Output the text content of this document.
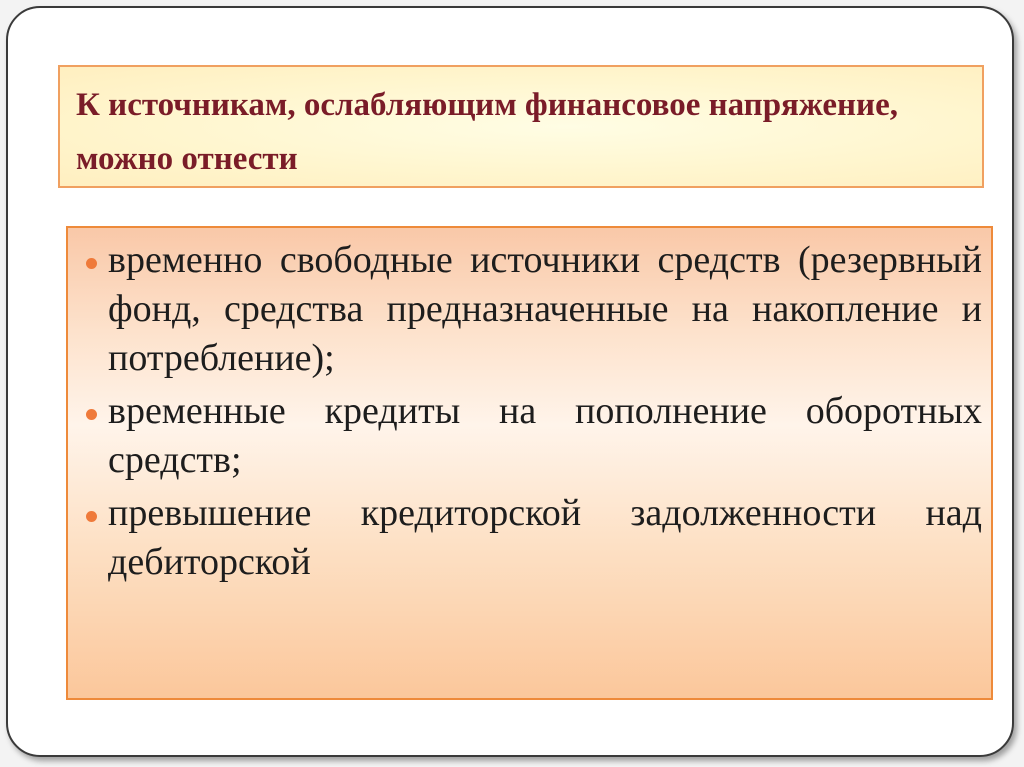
К источникам, ослабляющим финансовое напряжение, можно отнести
временно свободные источники средств (резервный фонд, средства предназначенные на накопление и потребление);
временные кредиты на пополнение оборотных средств;
превышение кредиторской задолженности над дебиторской
